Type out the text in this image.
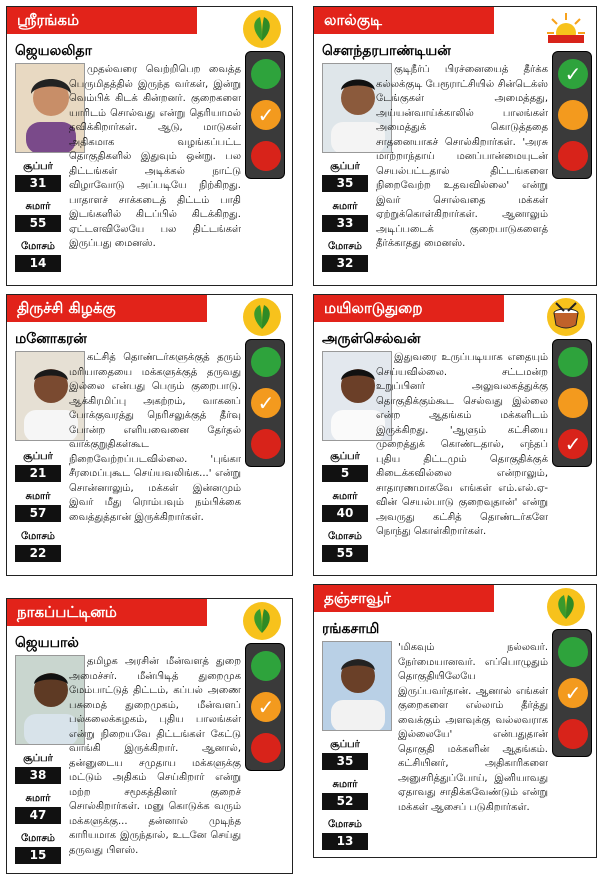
ஸ்ரீரங்கம்
ஜெயலலிதா
சூப்பர்
31
சுமார்
55
மோசம்
14
✓
முதல்வரை வெற்றிபெற வைத்த பெருமிதத்தில் இருந்த வர்கள், இன்று வெம்பிக் கிடக் கின்றனர். குறைகளை யாரிடம் சொல்வது என்று தெரியாமல் தவிக்கிறார்கள். ஆடு, மாடுகள் அதிகமாக வழங்கப்பட்ட தொகுதிகளில் இதுவும் ஒன்று. பல திட்டங்கள் அடிக்கல் நாட்டு விழாவோடு அப்படியே நிற்கிறது. பாதாளச் சாக்கடைத் திட்டம் பாதி இடங்களில் கிடப்பில் கிடக்கிறது. ஏட்டளவிலேயே பல திட்டங்கள் இருப்பது மைனஸ்.
லால்குடி
சௌந்தரபாண்டியன்
சூப்பர்
35
சுமார்
33
மோசம்
32
✓
குடிநீர்ப் பிரச்னையைத் தீர்க்க கல்லக்குடி பேரூராட்சியில் சின்டெக்ஸ் டேங்குகள் அமைத்தது, அய்யன்வாய்க்காலில் பாலங்கள் அமைத்துக் கொடுத்ததை சாதனையாகச் சொல்கிறார்கள். 'அரசு மாற்றாந்தாய் மனப்பான்மையுடன் செயல்பட்டதால் திட்டங்களை நிறைவேற்ற உதவவில்லை' என்று இவர் சொல்வதை மக்கள் ஏற்றுக்கொள்கிறார்கள். ஆனாலும் அடிப்படைக் குறைபாடுகளைத் தீர்க்காதது மைனஸ்.
திருச்சி கிழக்கு
மனோகரன்
சூப்பர்
21
சுமார்
57
மோசம்
22
✓
கட்சித் தொண்டர்களுக்குத் தரும் மரியாதையை மக்களுக்குத் தருவது இல்லை என்பது பெரும் குறைபாடு. ஆக்கிரமிப்பு அகற்றம், வாகனப் போக்குவரத்து நெரிசலுக்குத் தீர்வு போன்ற எளியவைனை தேர்தல் வாக்குறுதிகள்கூட நிறைவேற்றப்படவில்லை. 'புங்கா சீரமைப்புகூட செய்யவலிங்க...' என்று சொன்னாலும், மக்கள் இன்னமும் இவர் மீது ரொம்பவும் நம்பிக்கை வைத்துத்தான் இருக்கிறார்கள்.
மயிலாடுதுறை
அருள்செல்வன்
சூப்பர்
5
சுமார்
40
மோசம்
55
✓
இதுவரை உருப்படியாக எதையும் செய்யவில்லை. சட்டமன்ற உறுப்பினர் அலுவலகத்துக்கு தொகுதிக்கும்கூட செல்வது இல்லை என்ற ஆதங்கம் மக்களிடம் இருக்கிறது. 'ஆளும் கட்சியை முறைத்துக் கொண்டதால், எந்தப் புதிய திட்டமும் தொகுதிக்குக் கிடைக்கவில்லை என்றாலும், சாதாரணமாகவே எங்கள் எம்.எல்.ஏ-வின் செயல்பாடு குறைவுதான்' என்று அவருது கட்சித் தொண்டர்களே நொந்து கொள்கிறார்கள்.
நாகப்பட்டினம்
ஜெயபால்
சூப்பர்
38
சுமார்
47
மோசம்
15
✓
தமிழக அரசின் மீன்வளத் துறை அமைச்சர். மீன்பிடித் துறைமுக மேம்பாட்டுத் திட்டம், கப்பல் அணை பசுமைத் துறைமுகம், மீன்வளப் பல்கலைக்கழகம், புதிய பாலங்கள் என்று நிறையவே திட்டங்கள் கேட்டு வாங்கி இருக்கிறார். ஆனால், தன்னுடைய சமுதாய மக்களுக்கு மட்டும் அதிகம் செய்கிறார் என்று மற்ற சமூகத்தினர் குறைச் சொல்கிறார்கள். மனு கொடுக்க வரும் மக்களுக்கு... தன்னால் முடிந்த காரியமாக இருந்தால், உடனே செய்து தருவது பிளஸ்.
தஞ்சாவூர்
ரங்கசாமி
சூப்பர்
35
சுமார்
52
மோசம்
13
✓
'மிகவும் நல்லவர். நேர்மையானவர். எப்பொழுதும் தொகுதியிலேயே இருப்பவர்தான். ஆனால் எங்கள் குறைகளை எல்லாம் தீர்த்து வைக்கும் அளவுக்கு வல்லவராக இல்லையே' என்பதுதான் தொகுதி மக்களின் ஆதங்கம். கட்சியினர், அதிகாரிகளை அனுசரித்துப்போய், இனியாவது ஏதாவது சாதிக்கவேண்டும் என்று மக்கள் ஆசைப் படுகிறார்கள்.
